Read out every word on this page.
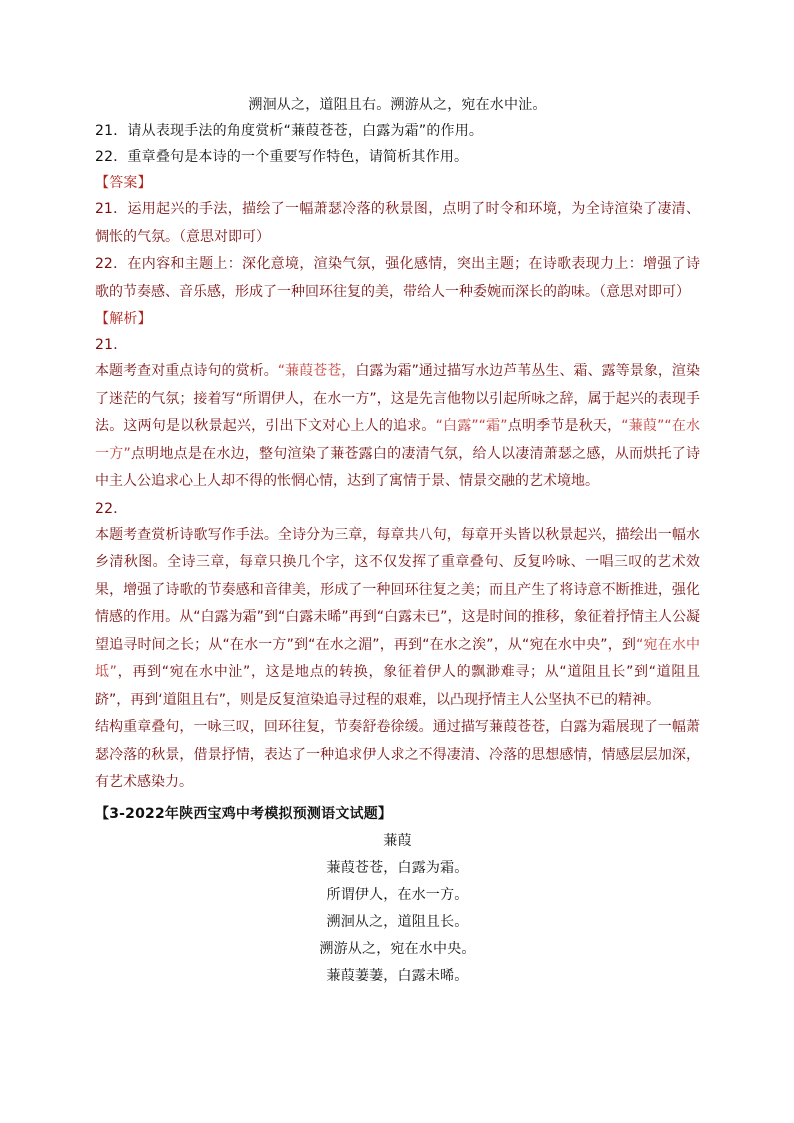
溯洄从之，道阻且右。溯游从之，宛在水中沚。
21．请从表现手法的角度赏析“蒹葭苍苍，白露为霜”的作用。
22．重章叠句是本诗的一个重要写作特色，请简析其作用。
【答案】
21．运用起兴的手法，描绘了一幅萧瑟冷落的秋景图，点明了时令和环境，为全诗渲染了凄清、惆怅的气氛。（意思对即可）
22．在内容和主题上：深化意境，渲染气氛，强化感情，突出主题；在诗歌表现力上：增强了诗歌的节奏感、音乐感，形成了一种回环往复的美，带给人一种委婉而深长的韵味。（意思对即可）
【解析】
21．
本题考查对重点诗句的赏析。“蒹葭苍苍，白露为霜”通过描写水边芦苇丛生、霜、露等景象，渲染了迷茫的气氛；接着写“所谓伊人，在水一方”，这是先言他物以引起所咏之辞，属于起兴的表现手法。这两句是以秋景起兴，引出下文对心上人的追求。“白露”“霜”点明季节是秋天，“蒹葭”“在水一方”点明地点是在水边，整句渲染了蒹苍露白的凄清气氛，给人以凄清萧瑟之感，从而烘托了诗中主人公追求心上人却不得的怅惘心情，达到了寓情于景、情景交融的艺术境地。
22．
本题考查赏析诗歌写作手法。全诗分为三章，每章共八句，每章开头皆以秋景起兴，描绘出一幅水乡清秋图。全诗三章，每章只换几个字，这不仅发挥了重章叠句、反复吟咏、一唱三叹的艺术效果，增强了诗歌的节奏感和音律美，形成了一种回环往复之美；而且产生了将诗意不断推进，强化情感的作用。从“白露为霜”到“白露未晞”再到“白露未已”，这是时间的推移，象征着抒情主人公凝望追寻时间之长；从“在水一方”到“在水之湄”，再到“在水之涘”，从“宛在水中央”，到“宛在水中坻”，再到“宛在水中沚”，这是地点的转换，象征着伊人的飘渺难寻；从“道阻且长”到“道阻且跻”，再到‘道阻且右”，则是反复渲染追寻过程的艰难，以凸现抒情主人公坚执不已的精神。
结构重章叠句，一咏三叹，回环往复，节奏舒卷徐缓。通过描写蒹葭苍苍，白露为霜展现了一幅萧瑟冷落的秋景，借景抒情，表达了一种追求伊人求之不得凄清、冷落的思想感情，情感层层加深，有艺术感染力。
【3-2022年陕西宝鸡中考模拟预测语文试题】
蒹葭
蒹葭苍苍，白露为霜。
所谓伊人，在水一方。
溯洄从之，道阻且长。
溯游从之，宛在水中央。
蒹葭萋萋，白露未晞。
